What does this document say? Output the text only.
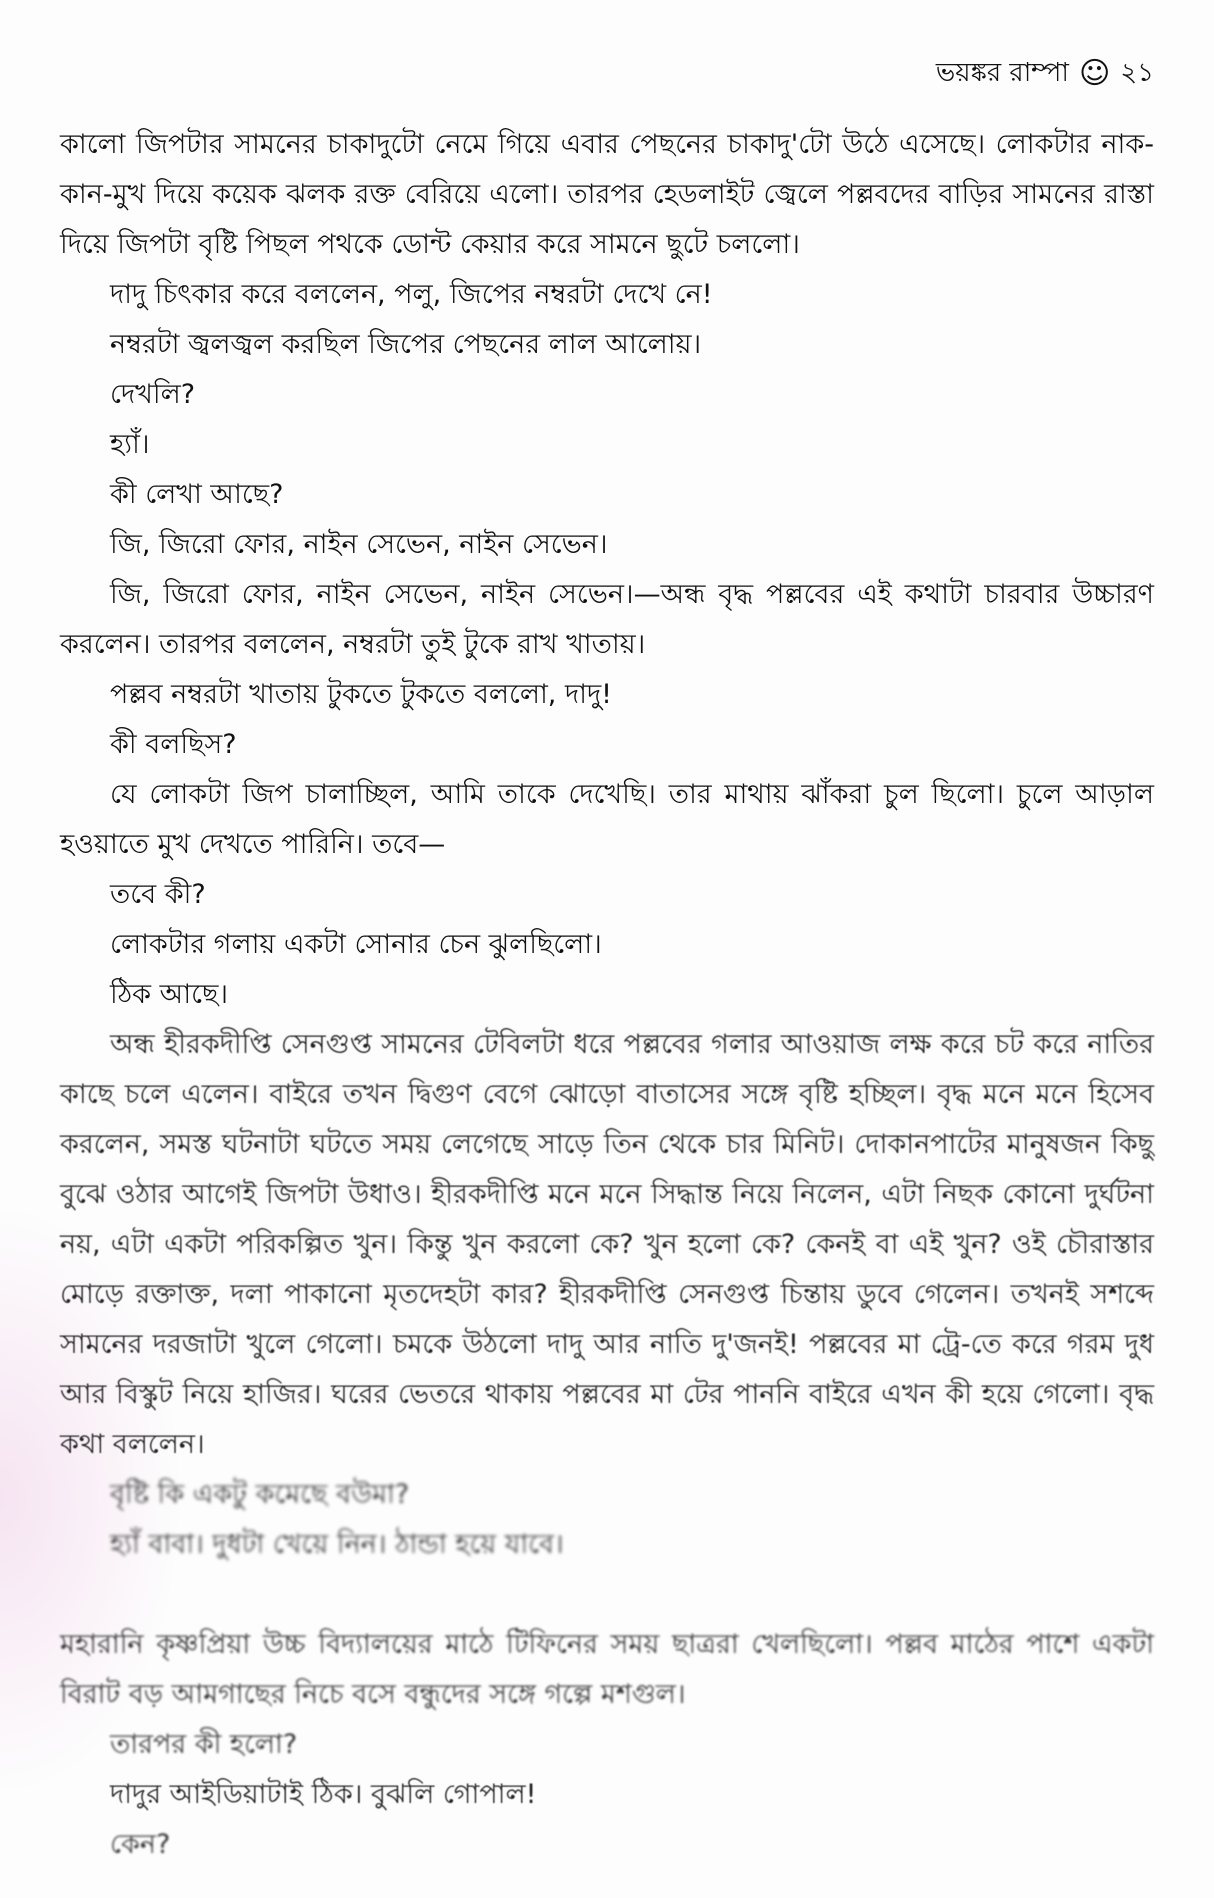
ভয়ঙ্কর রাম্পা ☺ ২১

কালো জিপটার সামনের চাকাদুটো নেমে গিয়ে এবার পেছনের চাকাদু'টো উঠে এসেছে। লোকটার নাক-কান-মুখ দিয়ে কয়েক ঝলক রক্ত বেরিয়ে এলো। তারপর হেডলাইট জ্বেলে পল্লবদের বাড়ির সামনের রাস্তা দিয়ে জিপটা বৃষ্টি পিছল পথকে ডোন্ট কেয়ার করে সামনে ছুটে চললো।

দাদু চিৎকার করে বললেন, পলু, জিপের নম্বরটা দেখে নে!

নম্বরটা জ্বলজ্বল করছিল জিপের পেছনের লাল আলোয়।

দেখলি?

হ্যাঁ।

কী লেখা আছে?

জি, জিরো ফোর, নাইন সেভেন, নাইন সেভেন।

জি, জিরো ফোর, নাইন সেভেন, নাইন সেভেন।—অন্ধ বৃদ্ধ পল্লবের এই কথাটা চারবার উচ্চারণ করলেন। তারপর বললেন, নম্বরটা তুই টুকে রাখ খাতায়।

পল্লব নম্বরটা খাতায় টুকতে টুকতে বললো, দাদু!

কী বলছিস?

যে লোকটা জিপ চালাচ্ছিল, আমি তাকে দেখেছি। তার মাথায় ঝাঁকরা চুল ছিলো। চুলে আড়াল হওয়াতে মুখ দেখতে পারিনি। তবে—

তবে কী?

লোকটার গলায় একটা সোনার চেন ঝুলছিলো।

ঠিক আছে।

অন্ধ হীরকদীপ্তি সেনগুপ্ত সামনের টেবিলটা ধরে পল্লবের গলার আওয়াজ লক্ষ করে চট করে নাতির কাছে চলে এলেন। বাইরে তখন দ্বিগুণ বেগে ঝোড়ো বাতাসের সঙ্গে বৃষ্টি হচ্ছিল। বৃদ্ধ মনে মনে হিসেব করলেন, সমস্ত ঘটনাটা ঘটতে সময় লেগেছে সাড়ে তিন থেকে চার মিনিট। দোকানপাটের মানুষজন কিছু বুঝে ওঠার আগেই জিপটা উধাও। হীরকদীপ্তি মনে মনে সিদ্ধান্ত নিয়ে নিলেন, এটা নিছক কোনো দুর্ঘটনা নয়, এটা একটা পরিকল্পিত খুন। কিন্তু খুন করলো কে? খুন হলো কে? কেনই বা এই খুন? ওই চৌরাস্তার মোড়ে রক্তাক্ত, দলা পাকানো মৃতদেহটা কার? হীরকদীপ্তি সেনগুপ্ত চিন্তায় ডুবে গেলেন। তখনই সশব্দে সামনের দরজাটা খুলে গেলো। চমকে উঠলো দাদু আর নাতি দু'জনই! পল্লবের মা ট্রে-তে করে গরম দুধ আর বিস্কুট নিয়ে হাজির। ঘরের ভেতরে থাকায় পল্লবের মা টের পাননি বাইরে এখন কী হয়ে গেলো। বৃদ্ধ কথা বললেন।

বৃষ্টি কি একটু কমেছে বউমা?

হ্যাঁ বাবা। দুধটা খেয়ে নিন। ঠান্ডা হয়ে যাবে।

মহারানি কৃষ্ণপ্রিয়া উচ্চ বিদ্যালয়ের মাঠে টিফিনের সময় ছাত্ররা খেলছিলো। পল্লব মাঠের পাশে একটা বিরাট বড় আমগাছের নিচে বসে বন্ধুদের সঙ্গে গল্পে মশগুল।

তারপর কী হলো?

দাদুর আইডিয়াটাই ঠিক। বুঝলি গোপাল!

কেন?
